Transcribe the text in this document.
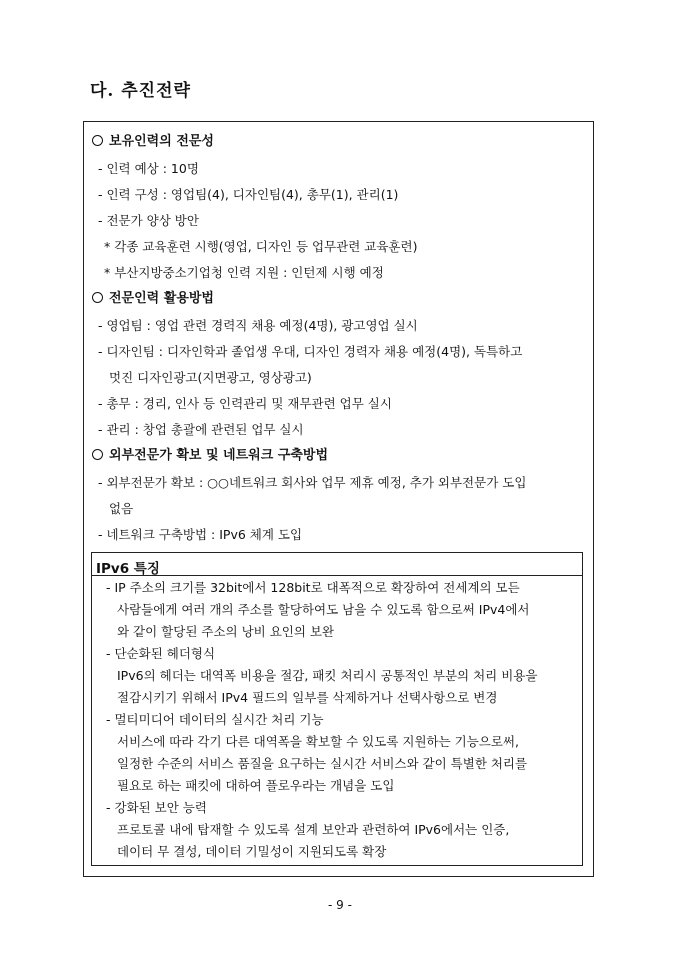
다. 추진전략
보유인력의 전문성
- 인력 예상 : 10명
- 인력 구성 : 영업팀(4), 디자인팀(4), 총무(1), 관리(1)
- 전문가 양상 방안
* 각종 교육훈련 시행(영업, 디자인 등 업무관련 교육훈련)
* 부산지방중소기업청 인력 지원 : 인턴제 시행 예정
전문인력 활용방법
- 영업팀 : 영업 관련 경력직 채용 예정(4명), 광고영업 실시
- 디자인팀 : 디자인학과 졸업생 우대, 디자인 경력자 채용 예정(4명), 독특하고
멋진 디자인광고(지면광고, 영상광고)
- 총무 : 경리, 인사 등 인력관리 및 재무관련 업무 실시
- 관리 : 창업 총괄에 관련된 업무 실시
외부전문가 확보 및 네트워크 구축방법
- 외부전문가 확보 : ○○네트워크 회사와 업무 제휴 예정, 추가 외부전문가 도입
없음
- 네트워크 구축방법 : IPv6 체계 도입
IPv6 특징
- IP 주소의 크기를 32bit에서 128bit로 대폭적으로 확장하여 전세계의 모든
사람들에게 여러 개의 주소를 할당하여도 남을 수 있도록 함으로써 IPv4에서
와 같이 할당된 주소의 낭비 요인의 보완
- 단순화된 헤더형식
IPv6의 헤더는 대역폭 비용을 절감, 패킷 처리시 공통적인 부분의 처리 비용을
절감시키기 위해서 IPv4 필드의 일부를 삭제하거나 선택사항으로 변경
- 멀티미디어 데이터의 실시간 처리 기능
서비스에 따라 각기 다른 대역폭을 확보할 수 있도록 지원하는 기능으로써,
일정한 수준의 서비스 품질을 요구하는 실시간 서비스와 같이 특별한 처리를
필요로 하는 패킷에 대하여 플로우라는 개념을 도입
- 강화된 보안 능력
프로토콜 내에 탑재할 수 있도록 설계 보안과 관련하여 IPv6에서는 인증,
데이터 무 결성, 데이터 기밀성이 지원되도록 확장
- 9 -
